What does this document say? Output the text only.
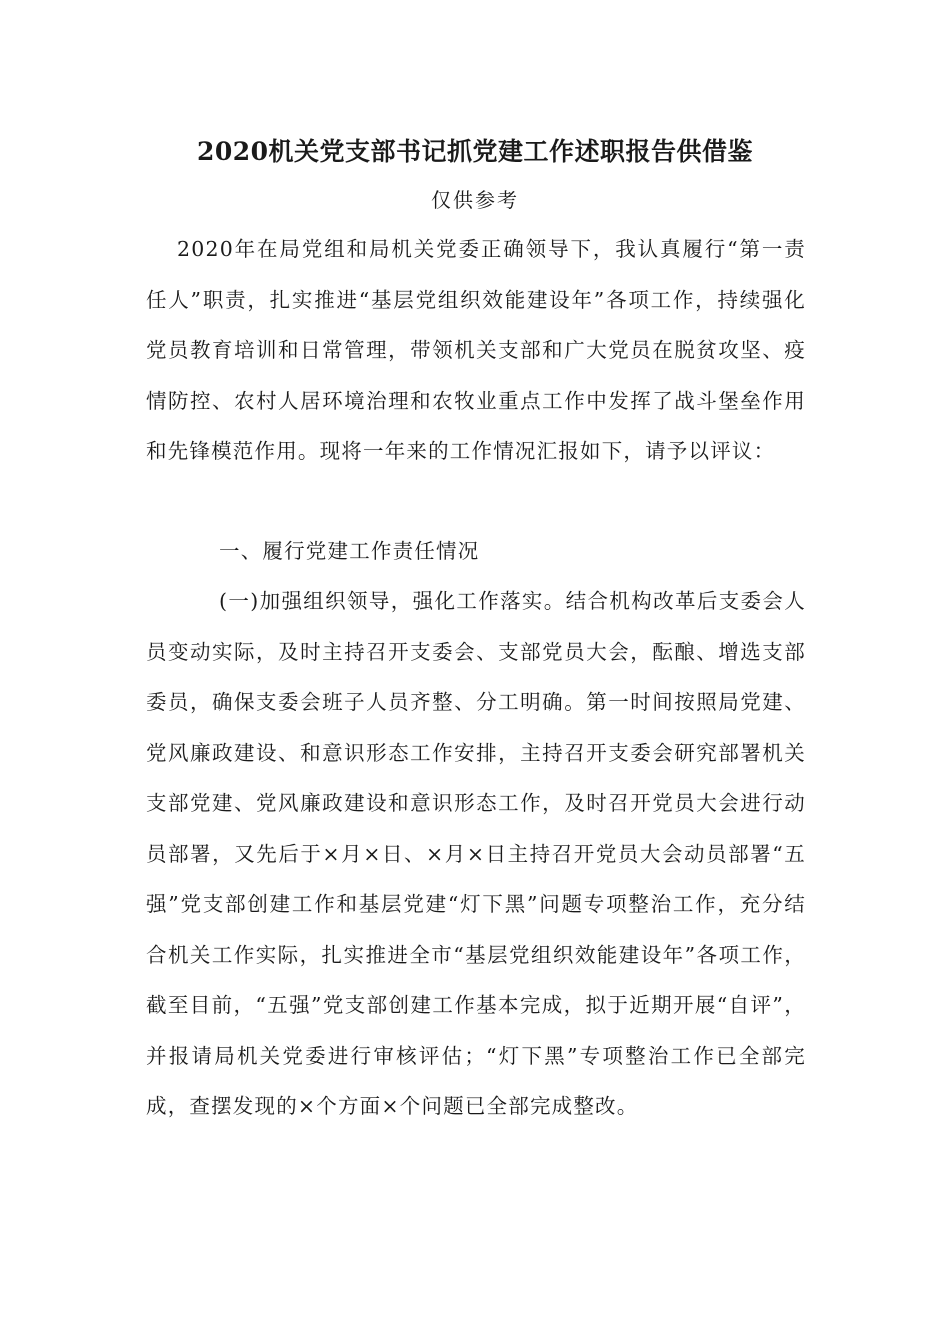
2020机关党支部书记抓党建工作述职报告供借鉴
仅供参考

2020年在局党组和局机关党委正确领导下，我认真履行“第一责任人”职责，扎实推进“基层党组织效能建设年”各项工作，持续强化党员教育培训和日常管理，带领机关支部和广大党员在脱贫攻坚、疫情防控、农村人居环境治理和农牧业重点工作中发挥了战斗堡垒作用和先锋模范作用。现将一年来的工作情况汇报如下，请予以评议：

一、履行党建工作责任情况

(一)加强组织领导，强化工作落实。结合机构改革后支委会人员变动实际，及时主持召开支委会、支部党员大会，酝酿、增选支部委员，确保支委会班子人员齐整、分工明确。第一时间按照局党建、党风廉政建设、和意识形态工作安排，主持召开支委会研究部署机关支部党建、党风廉政建设和意识形态工作，及时召开党员大会进行动员部署，又先后于×月×日、×月×日主持召开党员大会动员部署“五强”党支部创建工作和基层党建“灯下黑”问题专项整治工作，充分结合机关工作实际，扎实推进全市“基层党组织效能建设年”各项工作，截至目前，“五强”党支部创建工作基本完成，拟于近期开展“自评”，并报请局机关党委进行审核评估；“灯下黑”专项整治工作已全部完成，查摆发现的×个方面×个问题已全部完成整改。
